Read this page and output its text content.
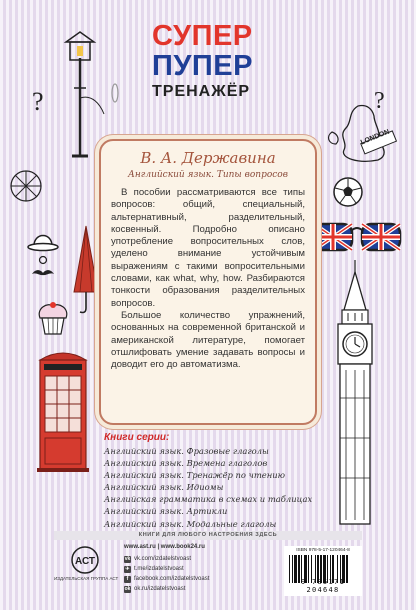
СУПЕР
ПУПЕР
ТРЕНАЖЁР
?	?
LONDON
В. А. Державина
Английский язык. Типы вопросов

В пособии рассматриваются все типы вопросов: общий, специальный, альтернативный, разделительный, косвенный. Подробно описано употребление вопросительных слов, уделено внимание устойчивым выражениям с такими вопросительными словами, как what, why, how. Разбираются тонкости образования разделительных вопросов.

Большое количество упражнений, основанных на современной британской и американской литературе, помогает отшлифовать умение задавать вопросы и доводит его до автоматизма.

Книги серии:
Английский язык. Фразовые глаголы
Английский язык. Времена глаголов
Английский язык. Тренажёр по чтению
Английский язык. Идиомы
Английская грамматика в схемах и таблицах
Английский язык. Артикли
Английский язык. Модальные глаголы
КНИГИ ДЛЯ ЛЮБОГО НАСТРОЕНИЯ ЗДЕСЬ
АСТ
ИЗДАТЕЛЬСКАЯ ГРУППА АСТ
www.ast.ru | www.book24.ru
vk vk.com/izdatelstvoast
✈ t.me/izdatelstvoast
f facebook.com/izdatelstvoast
ok ok.ru/izdatelstvoast
ISBN 978-5-17-120464-8
9 785171 204648
